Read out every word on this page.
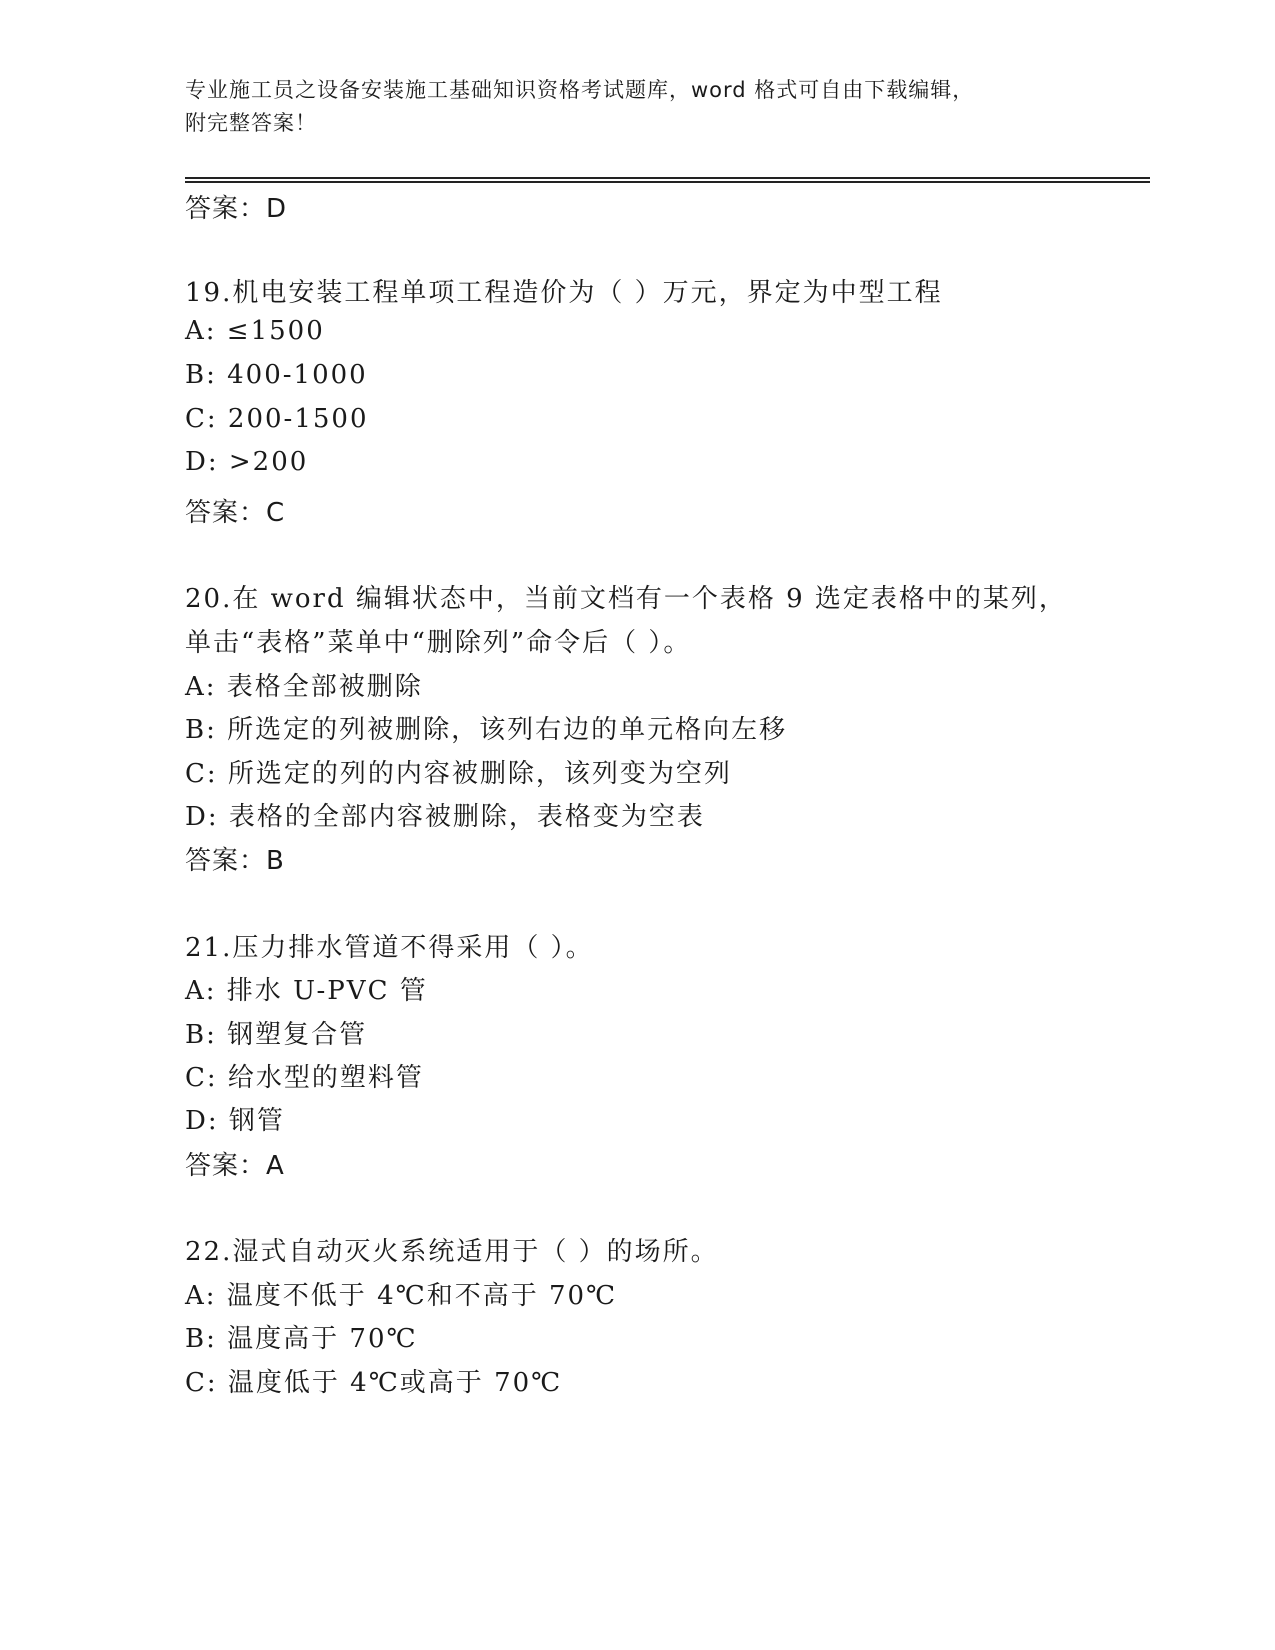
专业施工员之设备安装施工基础知识资格考试题库，word 格式可自由下载编辑，
附完整答案！
答案：D
19.机电安装工程单项工程造价为（ ）万元，界定为中型工程
A: ≤1500
B: 400-1000
C: 200-1500
D: >200
答案：C
20.在 word 编辑状态中，当前文档有一个表格 9 选定表格中的某列，
单击“表格”菜单中“删除列”命令后（ ）。
A: 表格全部被删除
B: 所选定的列被删除，该列右边的单元格向左移
C: 所选定的列的内容被删除，该列变为空列
D: 表格的全部内容被删除，表格变为空表
答案：B
21.压力排水管道不得采用（ ）。
A: 排水 U-PVC 管
B: 钢塑复合管
C: 给水型的塑料管
D: 钢管
答案：A
22.湿式自动灭火系统适用于（ ）的场所。
A: 温度不低于 4℃和不高于 70℃
B: 温度高于 70℃
C: 温度低于 4℃或高于 70℃
